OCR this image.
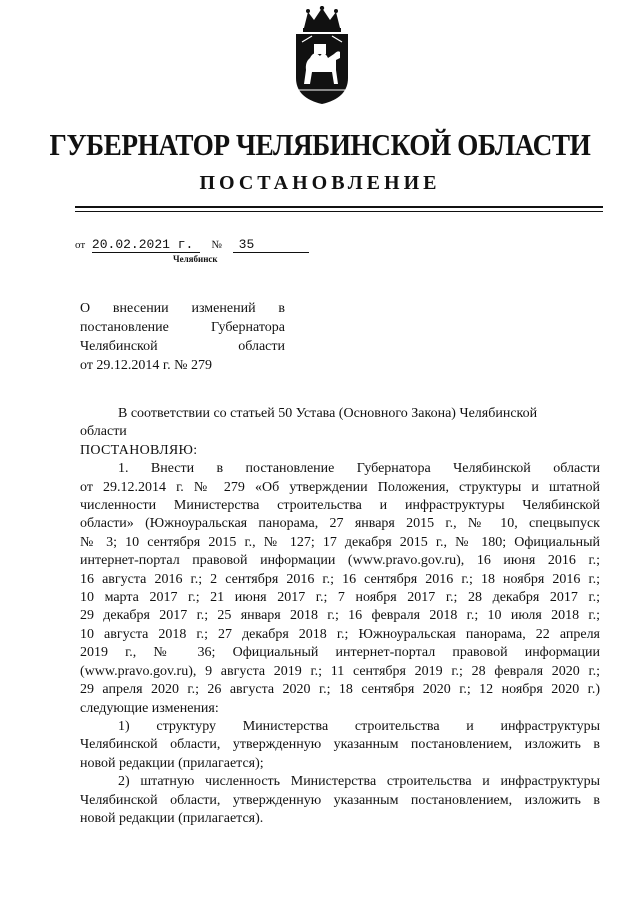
ГУБЕРНАТОР ЧЕЛЯБИНСКОЙ ОБЛАСТИ
ПОСТАНОВЛЕНИЕ
от 20.02.2021 г. № 35
Челябинск
О внесении изменений в
постановление Губернатора
Челябинской области
от 29.12.2014 г. № 279

В соответствии со статьей 50 Устава (Основного Закона) Челябинской

области

ПОСТАНОВЛЯЮ:

1. Внести в постановление Губернатора Челябинской области
от 29.12.2014 г. № 279 «Об утверждении Положения, структуры и штатной
численности Министерства строительства и инфраструктуры Челябинской
области» (Южноуральская панорама, 27 января 2015 г., № 10, спецвыпуск
№ 3; 10 сентября 2015 г., № 127; 17 декабря 2015 г., № 180; Официальный
интернет-портал правовой информации (www.pravo.gov.ru), 16 июня 2016 г.;
16 августа 2016 г.; 2 сентября 2016 г.; 16 сентября 2016 г.; 18 ноября 2016 г.;
10 марта 2017 г.; 21 июня 2017 г.; 7 ноября 2017 г.; 28 декабря 2017 г.;
29 декабря 2017 г.; 25 января 2018 г.; 16 февраля 2018 г.; 10 июля 2018 г.;
10 августа 2018 г.; 27 декабря 2018 г.; Южноуральская панорама, 22 апреля
2019 г., № 36; Официальный интернет-портал правовой информации
(www.pravo.gov.ru), 9 августа 2019 г.; 11 сентября 2019 г.; 28 февраля 2020 г.;
29 апреля 2020 г.; 26 августа 2020 г.; 18 сентября 2020 г.; 12 ноября 2020 г.)
следующие изменения:
1) структуру Министерства строительства и инфраструктуры
Челябинской области, утвержденную указанным постановлением, изложить в
новой редакции (прилагается);
2) штатную численность Министерства строительства и инфраструктуры
Челябинской области, утвержденную указанным постановлением, изложить в
новой редакции (прилагается).
